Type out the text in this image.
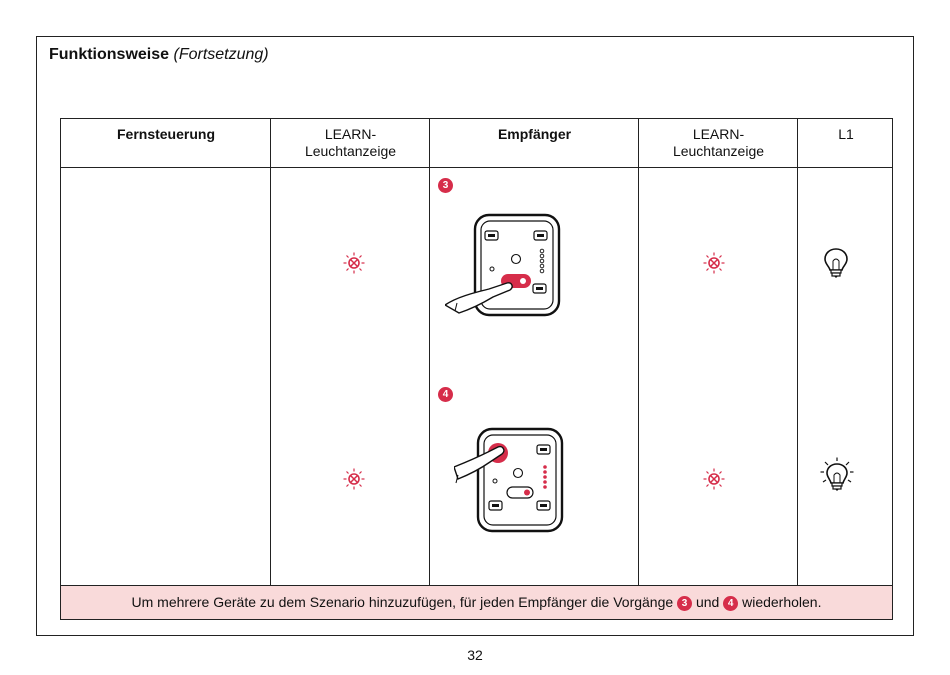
Funktionsweise (Fortsetzung)
Fernsteuerung	LEARN-
Leuchtanzeige
Empfänger	LEARN-
Leuchtanzeige
L1
3
4
Um mehrere Geräte zu dem Szenario hinzuzufügen, für jeden Empfänger die Vorgänge 3 und 4 wiederholen.
32
